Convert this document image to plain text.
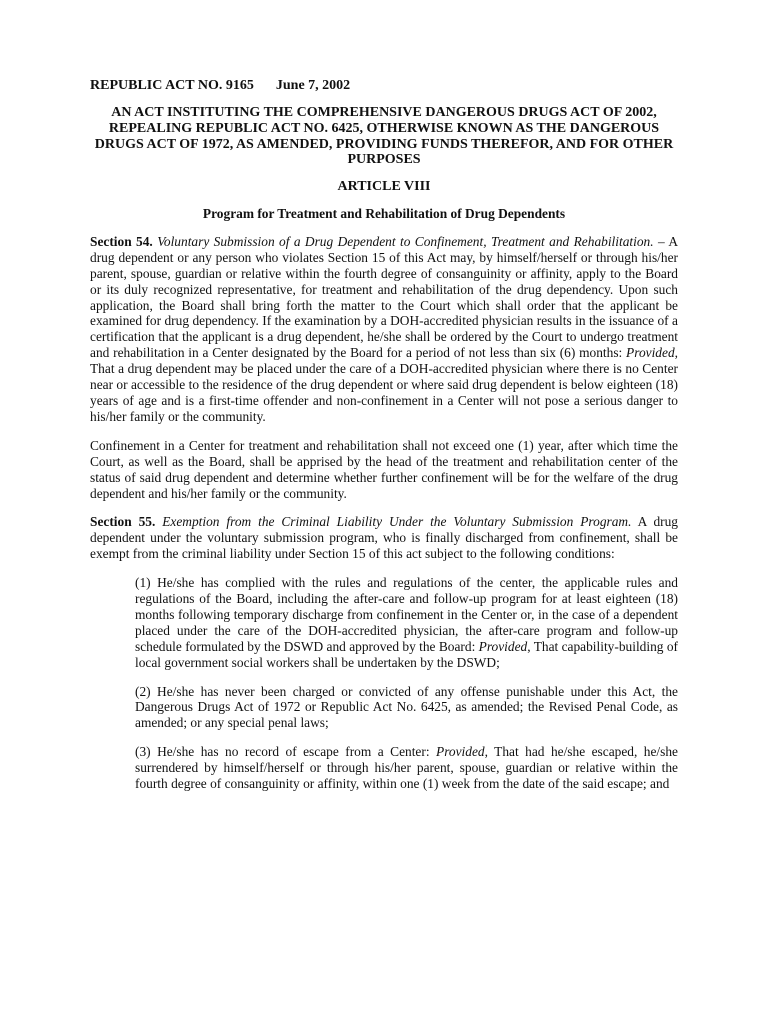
REPUBLIC ACT NO. 9165 June 7, 2002
AN ACT INSTITUTING THE COMPREHENSIVE DANGEROUS DRUGS ACT OF 2002, REPEALING REPUBLIC ACT NO. 6425, OTHERWISE KNOWN AS THE DANGEROUS DRUGS ACT OF 1972, AS AMENDED, PROVIDING FUNDS THEREFOR, AND FOR OTHER PURPOSES
ARTICLE VIII
Program for Treatment and Rehabilitation of Drug Dependents

Section 54. Voluntary Submission of a Drug Dependent to Confinement, Treatment and Rehabilitation. – A drug dependent or any person who violates Section 15 of this Act may, by himself/herself or through his/her parent, spouse, guardian or relative within the fourth degree of consanguinity or affinity, apply to the Board or its duly recognized representative, for treatment and rehabilitation of the drug dependency. Upon such application, the Board shall bring forth the matter to the Court which shall order that the applicant be examined for drug dependency. If the examination by a DOH-accredited physician results in the issuance of a certification that the applicant is a drug dependent, he/she shall be ordered by the Court to undergo treatment and rehabilitation in a Center designated by the Board for a period of not less than six (6) months: Provided, That a drug dependent may be placed under the care of a DOH-accredited physician where there is no Center near or accessible to the residence of the drug dependent or where said drug dependent is below eighteen (18) years of age and is a first-time offender and non-confinement in a Center will not pose a serious danger to his/her family or the community.

Confinement in a Center for treatment and rehabilitation shall not exceed one (1) year, after which time the Court, as well as the Board, shall be apprised by the head of the treatment and rehabilitation center of the status of said drug dependent and determine whether further confinement will be for the welfare of the drug dependent and his/her family or the community.

Section 55. Exemption from the Criminal Liability Under the Voluntary Submission Program. A drug dependent under the voluntary submission program, who is finally discharged from confinement, shall be exempt from the criminal liability under Section 15 of this act subject to the following conditions:

(1) He/she has complied with the rules and regulations of the center, the applicable rules and regulations of the Board, including the after-care and follow-up program for at least eighteen (18) months following temporary discharge from confinement in the Center or, in the case of a dependent placed under the care of the DOH-accredited physician, the after-care program and follow-up schedule formulated by the DSWD and approved by the Board: Provided, That capability-building of local government social workers shall be undertaken by the DSWD;

(2) He/she has never been charged or convicted of any offense punishable under this Act, the Dangerous Drugs Act of 1972 or Republic Act No. 6425, as amended; the Revised Penal Code, as amended; or any special penal laws;

(3) He/she has no record of escape from a Center: Provided, That had he/she escaped, he/she surrendered by himself/herself or through his/her parent, spouse, guardian or relative within the fourth degree of consanguinity or affinity, within one (1) week from the date of the said escape; and
